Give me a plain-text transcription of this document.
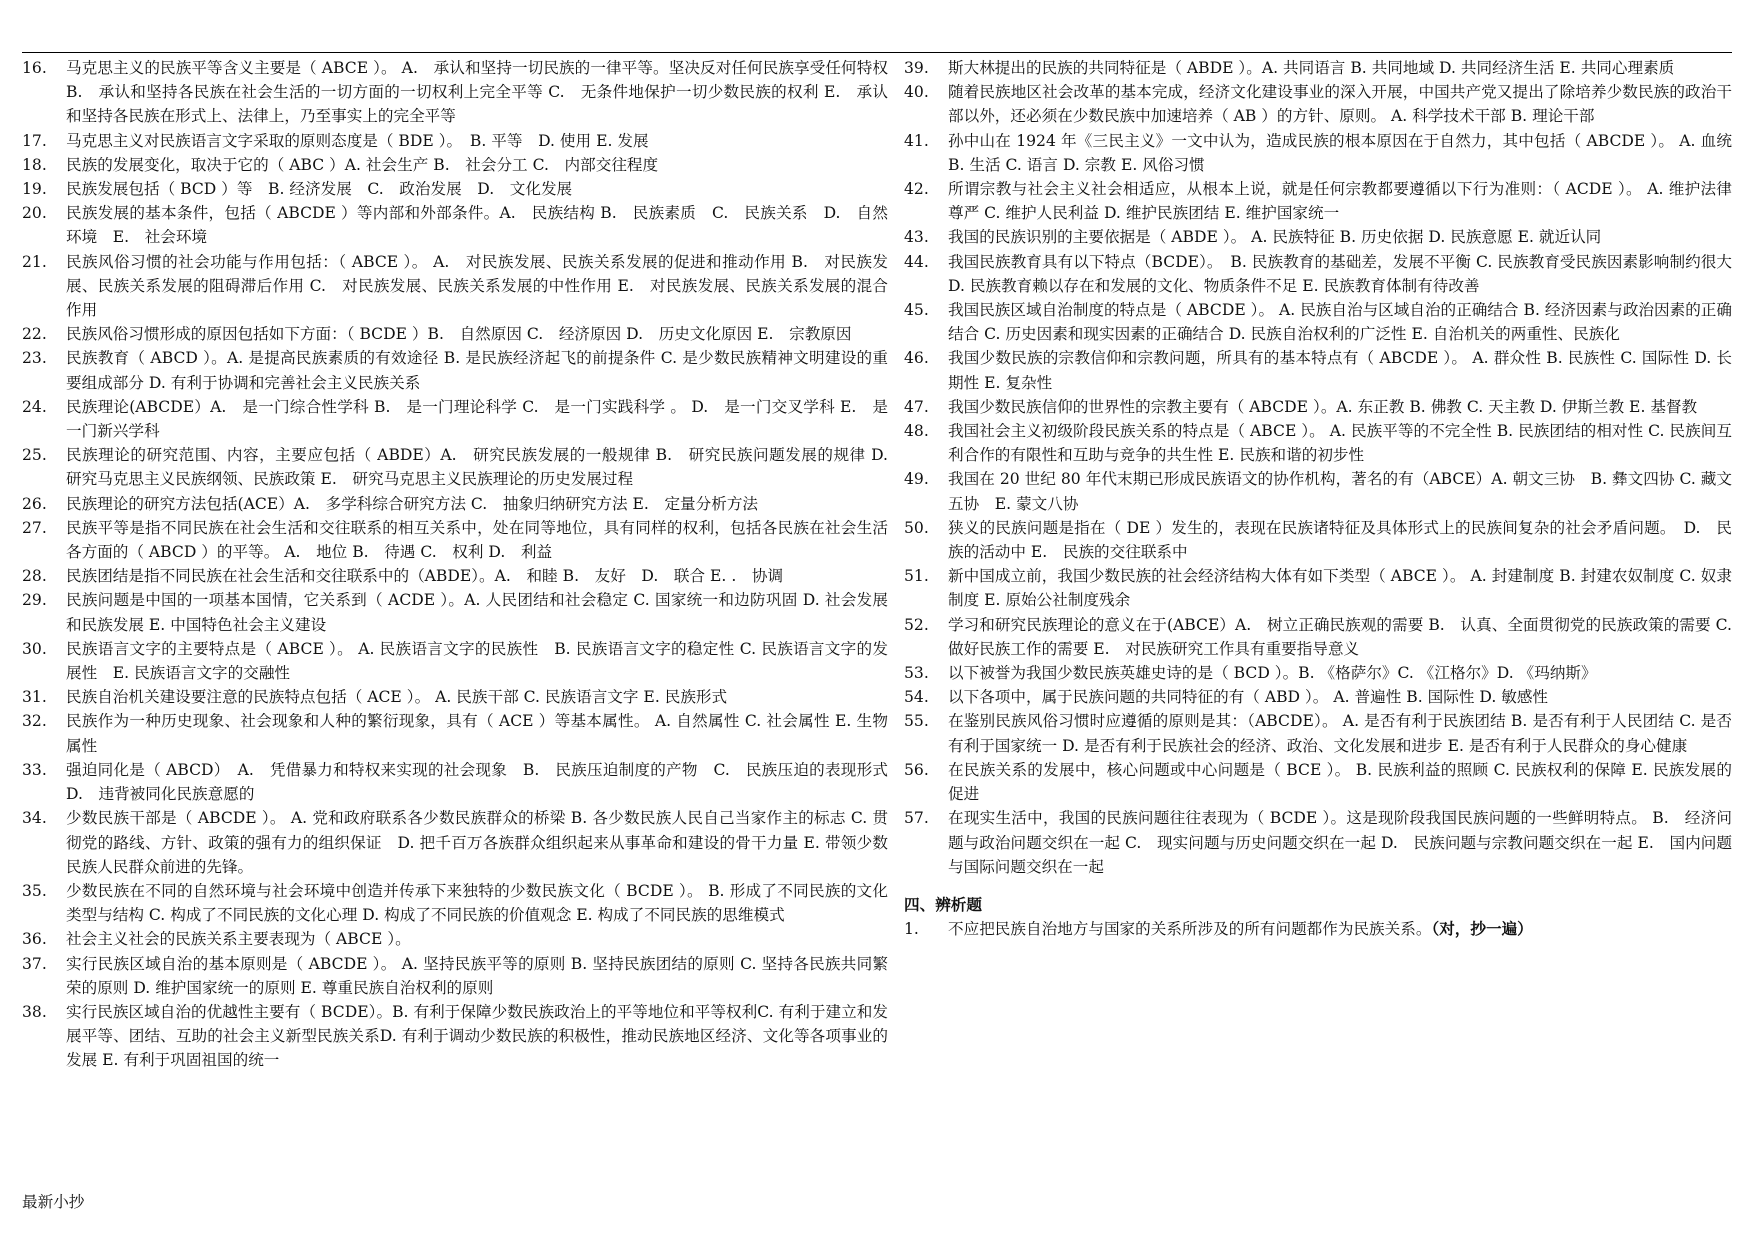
16.	马克思主义的民族平等含义主要是（ ABCE ）。 A.　承认和坚持一切民族的一律平等。坚决反对任何民族享受任何特权 B.　承认和坚持各民族在社会生活的一切方面的一切权利上完全平等 C.　无条件地保护一切少数民族的权利 E.　承认和坚持各民族在形式上、法律上，乃至事实上的完全平等
17.	马克思主义对民族语言文字采取的原则态度是（ BDE ）。　B. 平等　D. 使用 E. 发展
18.	民族的发展变化，取决于它的（ ABC ）A. 社会生产 B.　社会分工 C.　内部交往程度
19.	民族发展包括（ BCD ）等　B. 经济发展　C.　政治发展　D.　文化发展
20.	民族发展的基本条件，包括（ ABCDE ）等内部和外部条件。A.　民族结构 B.　民族素质　C.　民族关系　D.　自然环境　E.　社会环境
21.	民族风俗习惯的社会功能与作用包括：（ ABCE ）。 A.　对民族发展、民族关系发展的促进和推动作用 B.　对民族发展、民族关系发展的阻碍滞后作用 C.　对民族发展、民族关系发展的中性作用 E.　对民族发展、民族关系发展的混合作用
22.	民族风俗习惯形成的原因包括如下方面：（ BCDE ）B.　自然原因 C.　经济原因 D.　历史文化原因 E.　宗教原因
23.	民族教育（ ABCD ）。A. 是提高民族素质的有效途径 B. 是民族经济起飞的前提条件 C. 是少数民族精神文明建设的重要组成部分 D. 有利于协调和完善社会主义民族关系
24.	民族理论(ABCDE）A.　是一门综合性学科 B.　是一门理论科学 C.　是一门实践科学 。 D.　是一门交叉学科 E.　是一门新兴学科
25.	民族理论的研究范围、内容，主要应包括（ ABDE）A.　研究民族发展的一般规律 B.　研究民族问题发展的规律 D.　研究马克思主义民族纲领、民族政策 E.　研究马克思主义民族理论的历史发展过程
26.	民族理论的研究方法包括(ACE）A.　多学科综合研究方法 C.　抽象归纳研究方法 E.　定量分析方法
27.	民族平等是指不同民族在社会生活和交往联系的相互关系中，处在同等地位，具有同样的权利，包括各民族在社会生活各方面的（ ABCD ）的平等。 A.　地位 B.　待遇 C.　权利 D.　利益
28.	民族团结是指不同民族在社会生活和交往联系中的（ABDE）。A.　和睦 B.　友好　D.　联合 E. .　协调
29.	民族问题是中国的一项基本国情，它关系到（ ACDE ）。A. 人民团结和社会稳定 C. 国家统一和边防巩固 D. 社会发展和民族发展 E. 中国特色社会主义建设
30.	民族语言文字的主要特点是（ ABCE ）。 A. 民族语言文字的民族性　B. 民族语言文字的稳定性 C. 民族语言文字的发展性　E. 民族语言文字的交融性
31.	民族自治机关建设要注意的民族特点包括（ ACE ）。 A. 民族干部 C. 民族语言文字 E. 民族形式
32.	民族作为一种历史现象、社会现象和人种的繁衍现象，具有（ ACE ）等基本属性。 A. 自然属性 C. 社会属性 E. 生物属性
33.	强迫同化是（ ABCD）　A.　凭借暴力和特权来实现的社会现象　B.　民族压迫制度的产物　C.　民族压迫的表现形式　D.　违背被同化民族意愿的
34.	少数民族干部是（ ABCDE ）。 A. 党和政府联系各少数民族群众的桥梁 B. 各少数民族人民自己当家作主的标志 C. 贯彻党的路线、方针、政策的强有力的组织保证　D. 把千百万各族群众组织起来从事革命和建设的骨干力量 E. 带领少数民族人民群众前进的先锋。
35.	少数民族在不同的自然环境与社会环境中创造并传承下来独特的少数民族文化（ BCDE ）。 B. 形成了不同民族的文化类型与结构 C. 构成了不同民族的文化心理 D. 构成了不同民族的价值观念 E. 构成了不同民族的思维模式
36.	社会主义社会的民族关系主要表现为（ ABCE ）。
37.	实行民族区域自治的基本原则是（ ABCDE ）。 A. 坚持民族平等的原则 B. 坚持民族团结的原则 C. 坚持各民族共同繁荣的原则 D. 维护国家统一的原则 E. 尊重民族自治权利的原则
38.	实行民族区域自治的优越性主要有（ BCDE）。B. 有利于保障少数民族政治上的平等地位和平等权利C. 有利于建立和发展平等、团结、互助的社会主义新型民族关系D. 有利于调动少数民族的积极性，推动民族地区经济、文化等各项事业的发展 E. 有利于巩固祖国的统一
39.	斯大林提出的民族的共同特征是（ ABDE ）。A. 共同语言 B. 共同地域 D. 共同经济生活 E. 共同心理素质
40.	随着民族地区社会改革的基本完成，经济文化建设事业的深入开展，中国共产党又提出了除培养少数民族的政治干部以外，还必须在少数民族中加速培养（ AB ）的方针、原则。 A. 科学技术干部 B. 理论干部
41.	孙中山在 1924 年《三民主义》一文中认为，造成民族的根本原因在于自然力，其中包括（ ABCDE ）。 A. 血统 B. 生活 C. 语言 D. 宗教 E. 风俗习惯
42.	所谓宗教与社会主义社会相适应，从根本上说，就是任何宗教都要遵循以下行为准则：（ ACDE ）。 A. 维护法律尊严 C. 维护人民利益 D. 维护民族团结 E. 维护国家统一
43.	我国的民族识别的主要依据是（ ABDE ）。 A. 民族特征 B. 历史依据 D. 民族意愿 E. 就近认同
44.	我国民族教育具有以下特点（BCDE）。　B. 民族教育的基础差，发展不平衡 C. 民族教育受民族因素影响制约很大 D. 民族教育赖以存在和发展的文化、物质条件不足 E. 民族教育体制有待改善
45.	我国民族区域自治制度的特点是（ ABCDE ）。 A. 民族自治与区域自治的正确结合 B. 经济因素与政治因素的正确结合 C. 历史因素和现实因素的正确结合 D. 民族自治权利的广泛性 E. 自治机关的两重性、民族化
46.	我国少数民族的宗教信仰和宗教问题，所具有的基本特点有（ ABCDE ）。 A. 群众性 B. 民族性 C. 国际性 D. 长期性 E. 复杂性
47.	我国少数民族信仰的世界性的宗教主要有（ ABCDE ）。A. 东正教 B. 佛教 C. 天主教 D. 伊斯兰教 E. 基督教
48.	我国社会主义初级阶段民族关系的特点是（ ABCE ）。 A. 民族平等的不完全性 B. 民族团结的相对性 C. 民族间互利合作的有限性和互助与竞争的共生性 E. 民族和谐的初步性
49.	我国在 20 世纪 80 年代末期已形成民族语文的协作机构，著名的有（ABCE）A. 朝文三协　B. 彝文四协 C. 藏文五协　E. 蒙文八协
50.	狭义的民族问题是指在（ DE ）发生的，表现在民族诸特征及具体形式上的民族间复杂的社会矛盾问题。　D.　民族的活动中 E.　民族的交往联系中
51.	新中国成立前，我国少数民族的社会经济结构大体有如下类型（ ABCE ）。 A. 封建制度 B. 封建农奴制度 C. 奴隶制度 E. 原始公社制度残余
52.	学习和研究民族理论的意义在于(ABCE）A.　树立正确民族观的需要 B.　认真、全面贯彻党的民族政策的需要 C.　做好民族工作的需要 E.　对民族研究工作具有重要指导意义
53.	以下被誉为我国少数民族英雄史诗的是（ BCD ）。B. 《格萨尔》C. 《江格尔》D. 《玛纳斯》
54.	以下各项中，属于民族问题的共同特征的有（ ABD ）。 A. 普遍性 B. 国际性 D. 敏感性
55.	在鉴别民族风俗习惯时应遵循的原则是其：（ABCDE）。 A. 是否有利于民族团结 B. 是否有利于人民团结 C. 是否有利于国家统一 D. 是否有利于民族社会的经济、政治、文化发展和进步 E. 是否有利于人民群众的身心健康
56.	在民族关系的发展中，核心问题或中心问题是（ BCE ）。 B. 民族利益的照顾 C. 民族权利的保障 E. 民族发展的促进
57.	在现实生活中，我国的民族问题往往表现为（ BCDE ）。这是现阶段我国民族问题的一些鲜明特点。 B.　经济问题与政治问题交织在一起 C.　现实问题与历史问题交织在一起 D.　民族问题与宗教问题交织在一起 E.　国内问题与国际问题交织在一起
四、辨析题
1.	不应把民族自治地方与国家的关系所涉及的所有问题都作为民族关系。（对，抄一遍）
最新小抄
